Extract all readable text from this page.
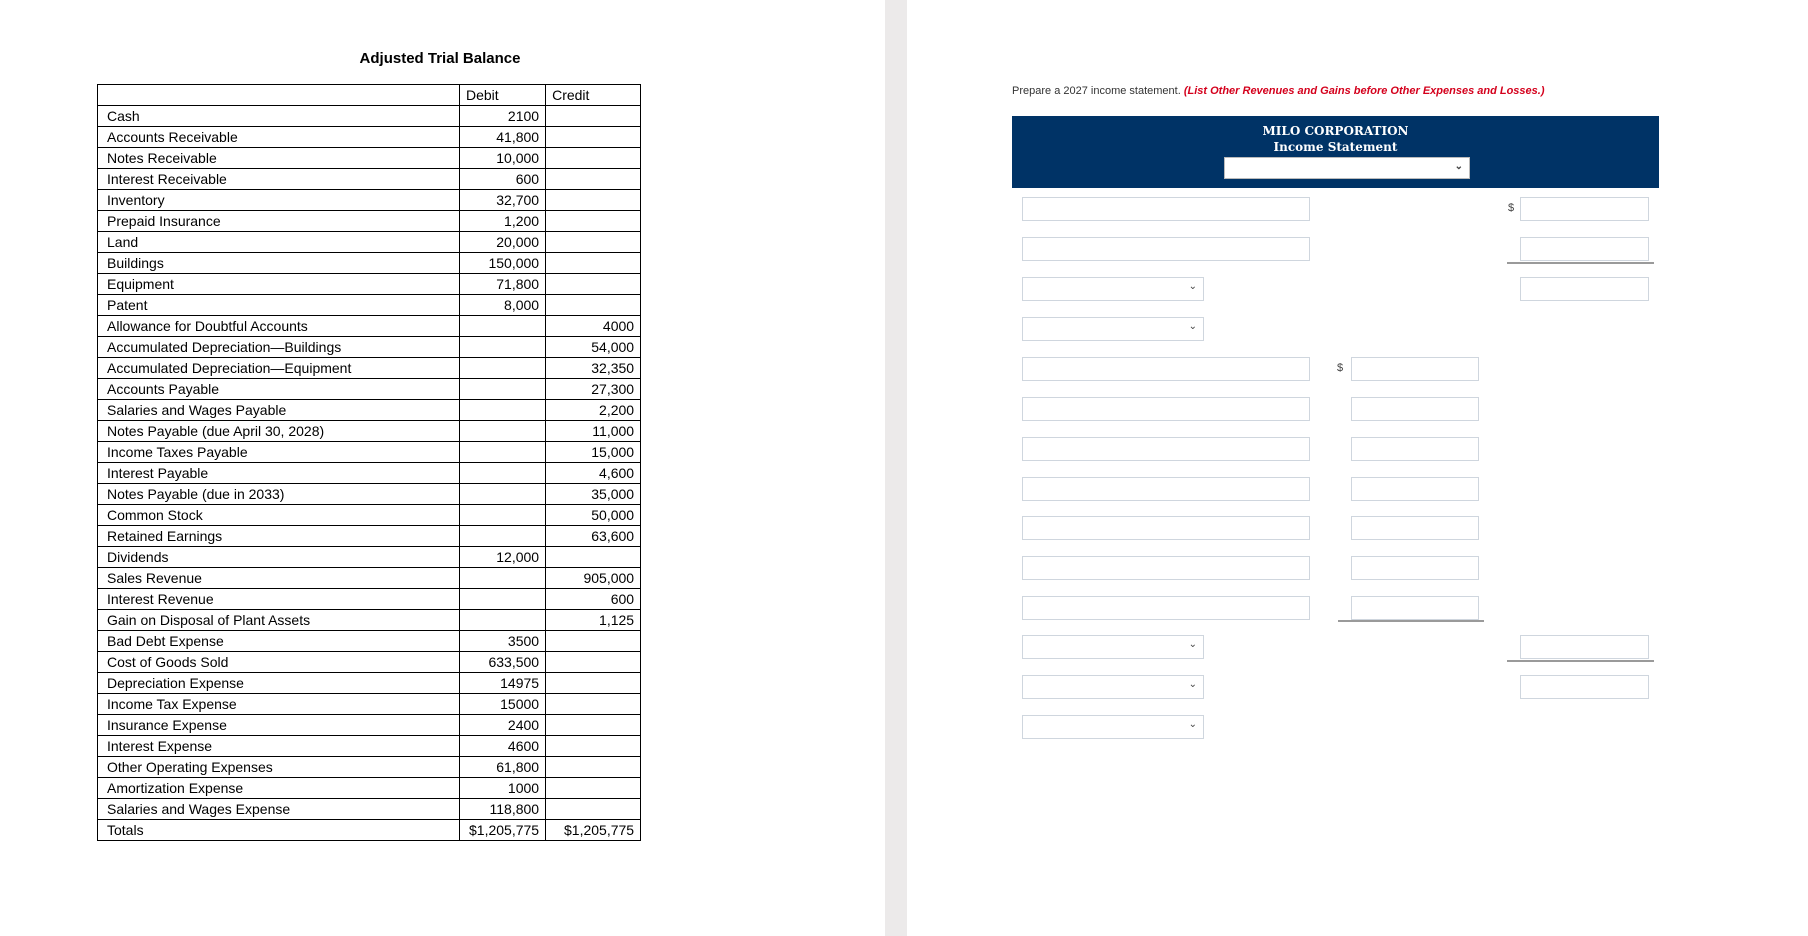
Adjusted Trial Balance
	Debit	Credit
Cash	2100	
Accounts Receivable	41,800	
Notes Receivable	10,000	
Interest Receivable	600	
Inventory	32,700	
Prepaid Insurance	1,200	
Land	20,000	
Buildings	150,000	
Equipment	71,800	
Patent	8,000	
Allowance for Doubtful Accounts		4000
Accumulated Depreciation—Buildings		54,000
Accumulated Depreciation—Equipment		32,350
Accounts Payable		27,300
Salaries and Wages Payable		2,200
Notes Payable (due April 30, 2028)		11,000
Income Taxes Payable		15,000
Interest Payable		4,600
Notes Payable (due in 2033)		35,000
Common Stock		50,000
Retained Earnings		63,600
Dividends	12,000	
Sales Revenue		905,000
Interest Revenue		600
Gain on Disposal of Plant Assets		1,125
Bad Debt Expense	3500	
Cost of Goods Sold	633,500	
Depreciation Expense	14975	
Income Tax Expense	15000	
Insurance Expense	2400	
Interest Expense	4600	
Other Operating Expenses	61,800	
Amortization Expense	1000	
Salaries and Wages Expense	118,800	
Totals	$1,205,775	$1,205,775
Prepare a 2027 income statement. (List Other Revenues and Gains before Other Expenses and Losses.)
MILO CORPORATION
Income Statement
⌄
$
⌄
⌄
$
⌄
⌄
⌄
